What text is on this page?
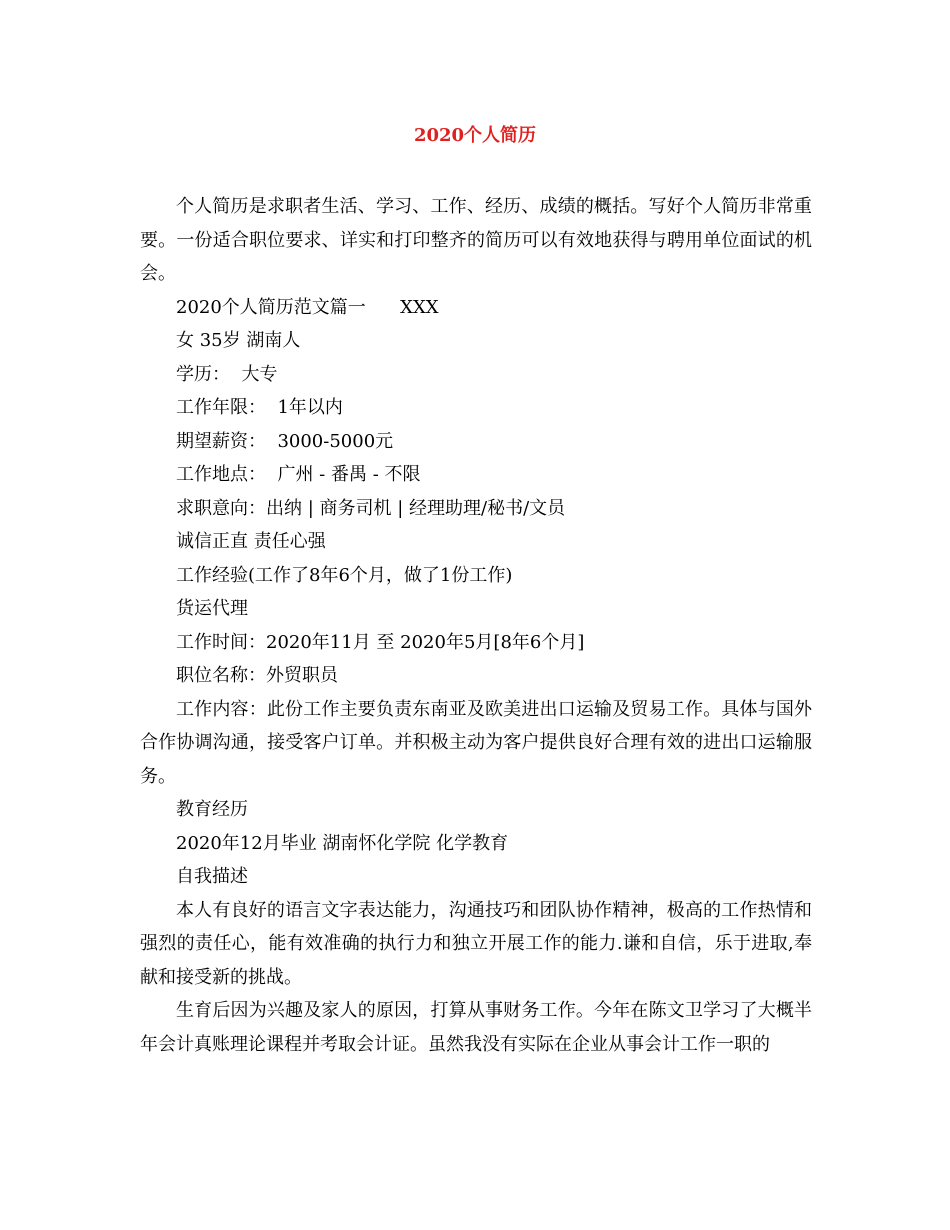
2020个人简历

个人简历是求职者生活、学习、工作、经历、成绩的概括。写好个人简历非常重要。一份适合职位要求、详实和打印整齐的简历可以有效地获得与聘用单位面试的机会。

2020个人简历范文篇一      XXX

女 35岁 湖南人

学历：  大专

工作年限：  1年以内

期望薪资：  3000-5000元

工作地点：  广州 - 番禺 - 不限

求职意向：出纳 | 商务司机 | 经理助理/秘书/文员

诚信正直 责任心强

工作经验(工作了8年6个月，做了1份工作)

货运代理

工作时间：2020年11月 至 2020年5月[8年6个月]

职位名称：外贸职员

工作内容：此份工作主要负责东南亚及欧美进出口运输及贸易工作。具体与国外合作协调沟通，接受客户订单。并积极主动为客户提供良好合理有效的进出口运输服务。

教育经历

2020年12月毕业 湖南怀化学院 化学教育

自我描述

本人有良好的语言文字表达能力，沟通技巧和团队协作精神，极高的工作热情和强烈的责任心，能有效准确的执行力和独立开展工作的能力.谦和自信，乐于进取,奉献和接受新的挑战。

生育后因为兴趣及家人的原因，打算从事财务工作。今年在陈文卫学习了大概半年会计真账理论课程并考取会计证。虽然我没有实际在企业从事会计工作一职的
